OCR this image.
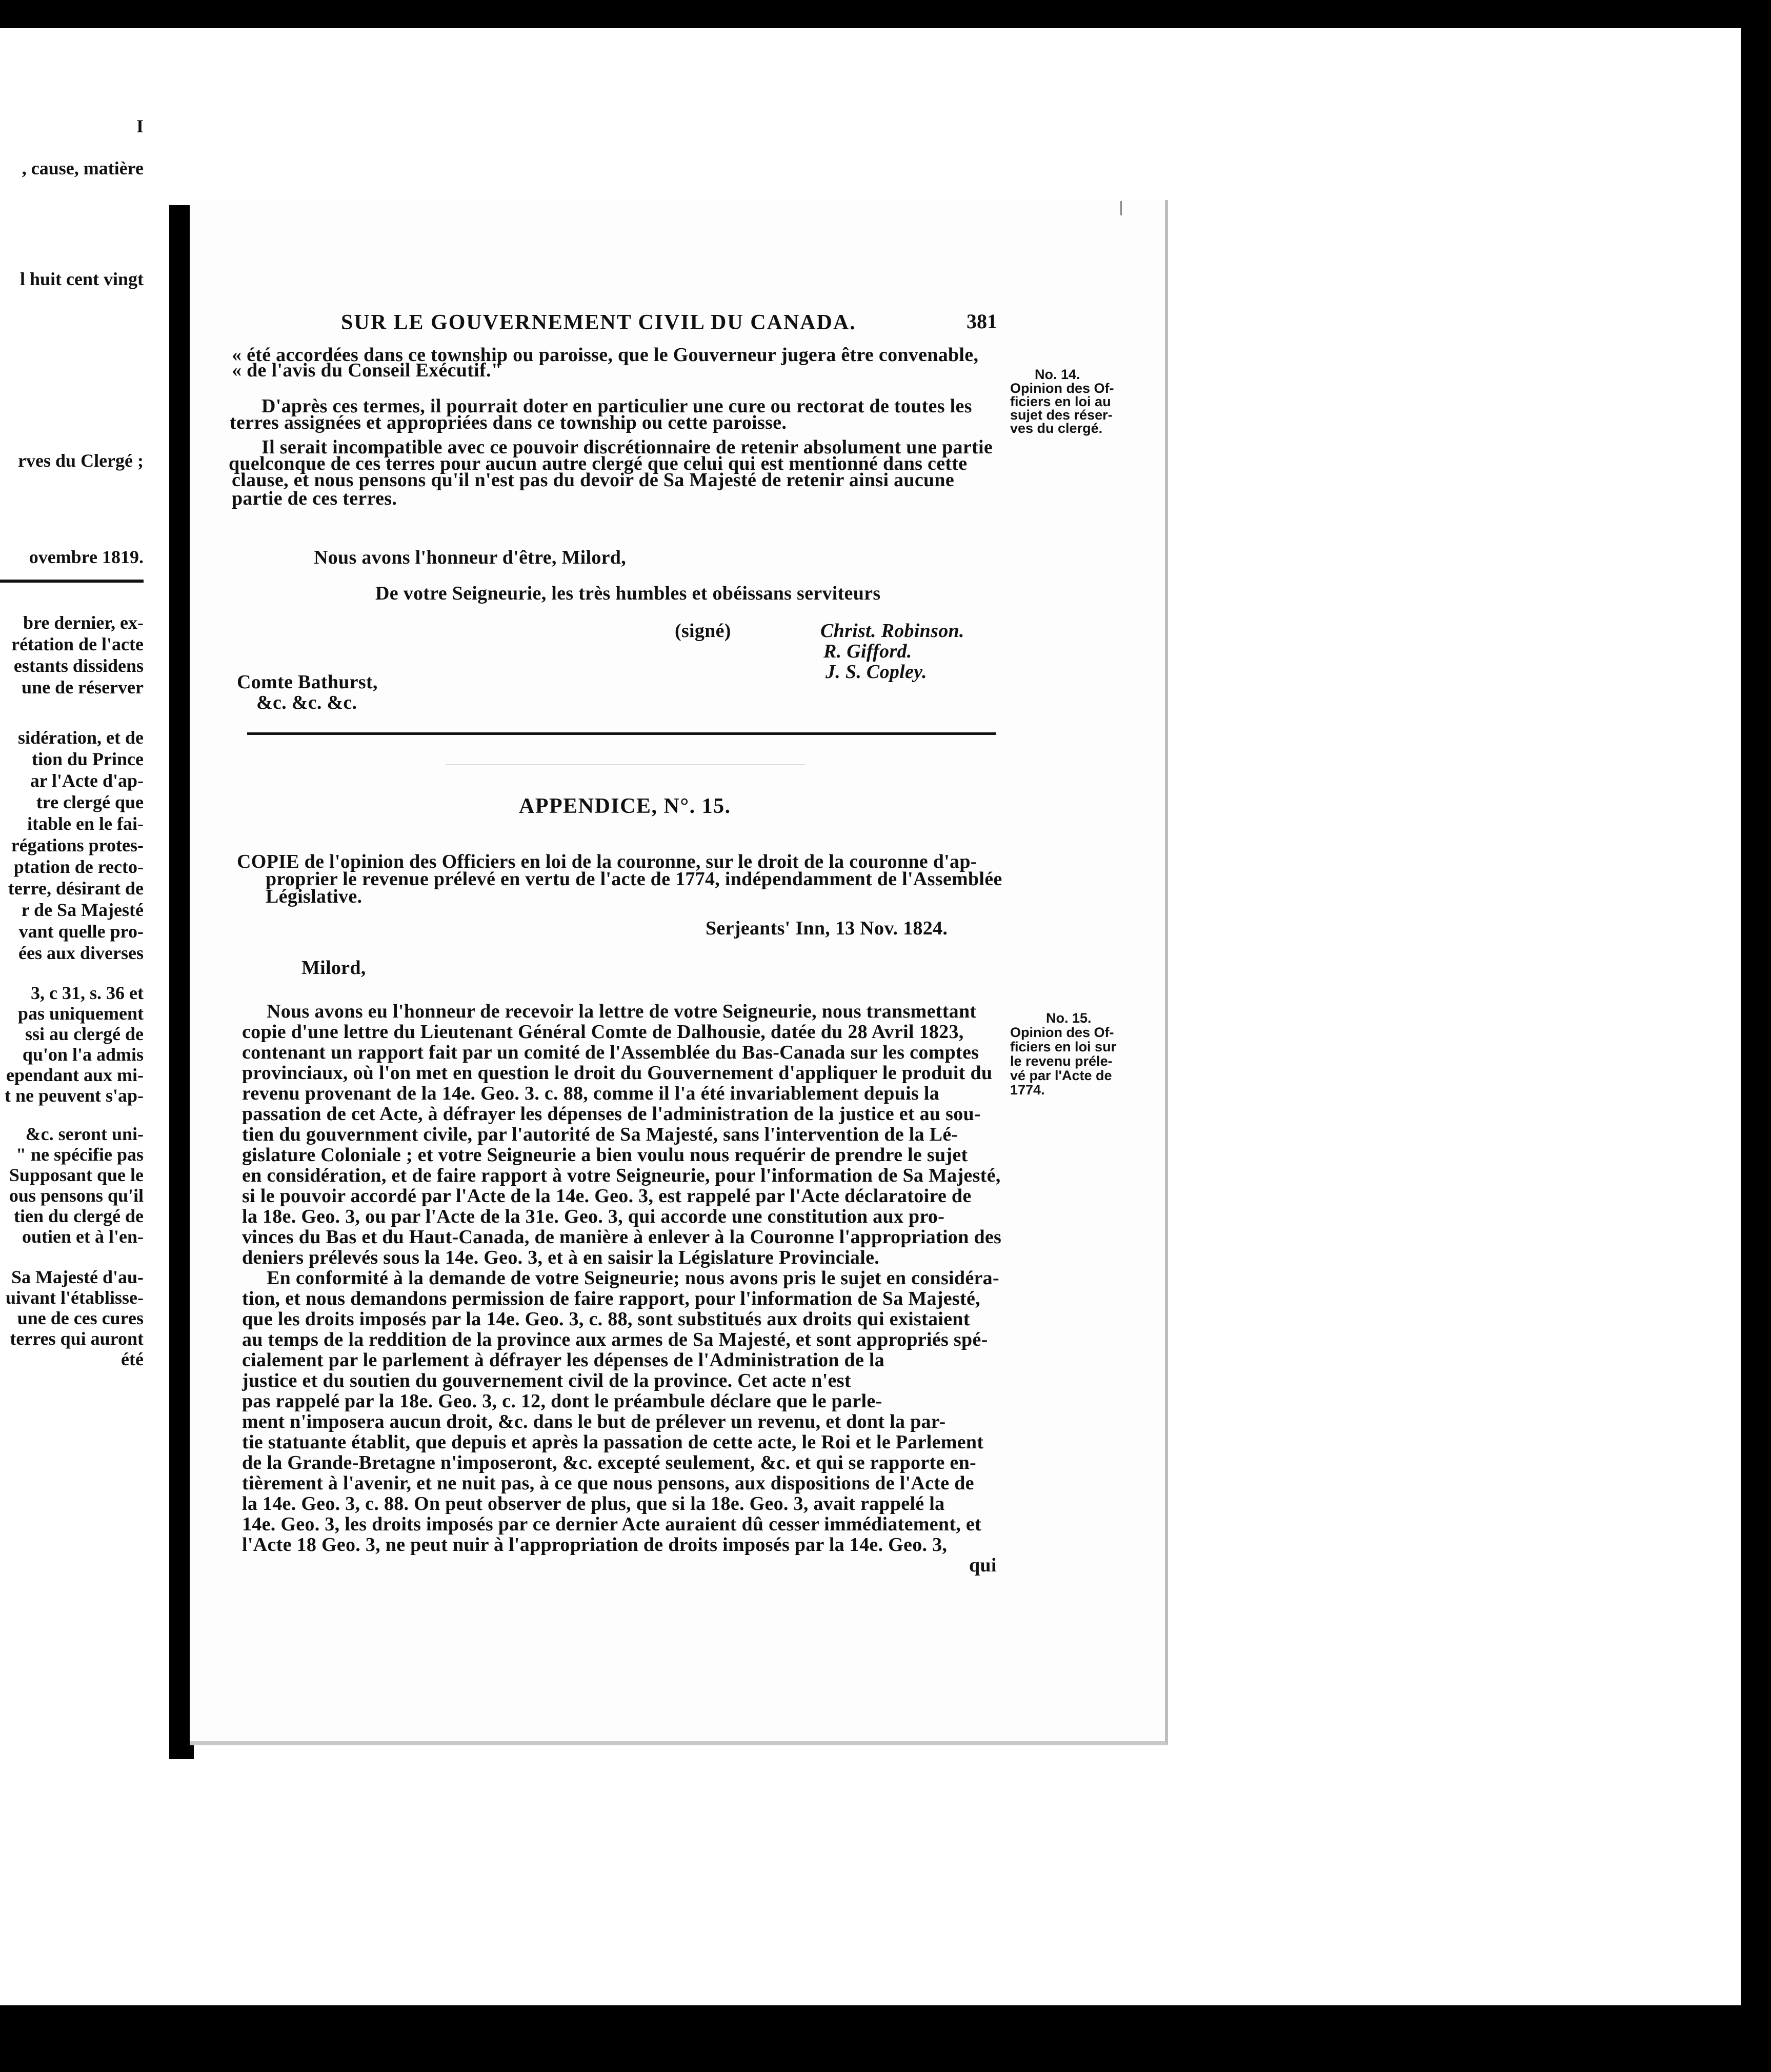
I
, cause, matière
l huit cent vingt
rves du Clergé ;
ovembre 1819.
bre dernier, ex-
rétation de l'acte
estants dissidens
une de réserver
sidération, et de
tion du Prince
ar l'Acte d'ap-
tre clergé que
itable en le fai-
régations protes-
ptation de recto-
terre, désirant de
r de Sa Majesté
vant quelle pro-
ées aux diverses
3, c 31, s. 36 et
pas uniquement
ssi au clergé de
qu'on l'a admis
ependant aux mi-
t ne peuvent s'ap-
&c. seront uni-
" ne spécifie pas
Supposant que le
ous pensons qu'il
tien du clergé de
outien et à l'en-
Sa Majesté d'au-
uivant l'établisse-
une de ces cures
terres qui auront
été
SUR LE GOUVERNEMENT CIVIL DU CANADA.	381
« été accordées dans ce township ou paroisse, que le Gouverneur jugera être convenable,
« de l'avis du Conseil Exécutif."
D'après ces termes, il pourrait doter en particulier une cure ou rectorat de toutes les
terres assignées et appropriées dans ce township ou cette paroisse.
Il serait incompatible avec ce pouvoir discrétionnaire de retenir absolument une partie
quelconque de ces terres pour aucun autre clergé que celui qui est mentionné dans cette
clause, et nous pensons qu'il n'est pas du devoir de Sa Majesté de retenir ainsi aucune
partie de ces terres.
No. 14.
Opinion des Of-
ficiers en loi au
sujet des réser-
ves du clergé.
Nous avons l'honneur d'être, Milord,
De votre Seigneurie, les très humbles et obéissans serviteurs
(signé)	Christ. Robinson.
R. Gifford.
J. S. Copley.
Comte Bathurst,
&c. &c. &c.
APPENDICE, N°. 15.
COPIE de l'opinion des Officiers en loi de la couronne, sur le droit de la couronne d'ap-
proprier le revenue prélevé en vertu de l'acte de 1774, indépendamment de l'Assemblée
Législative.
Serjeants' Inn, 13 Nov. 1824.
Milord,
Nous avons eu l'honneur de recevoir la lettre de votre Seigneurie, nous transmettant
copie d'une lettre du Lieutenant Général Comte de Dalhousie, datée du 28 Avril 1823,
contenant un rapport fait par un comité de l'Assemblée du Bas-Canada sur les comptes
provinciaux, où l'on met en question le droit du Gouvernement d'appliquer le produit du
revenu provenant de la 14e. Geo. 3. c. 88, comme il l'a été invariablement depuis la
passation de cet Acte, à défrayer les dépenses de l'administration de la justice et au sou-
tien du gouvernment civile, par l'autorité de Sa Majesté, sans l'intervention de la Lé-
gislature Coloniale ; et votre Seigneurie a bien voulu nous requérir de prendre le sujet
en considération, et de faire rapport à votre Seigneurie, pour l'information de Sa Majesté,
si le pouvoir accordé par l'Acte de la 14e. Geo. 3, est rappelé par l'Acte déclaratoire de
la 18e. Geo. 3, ou par l'Acte de la 31e. Geo. 3, qui accorde une constitution aux pro-
vinces du Bas et du Haut-Canada, de manière à enlever à la Couronne l'appropriation des
deniers prélevés sous la 14e. Geo. 3, et à en saisir la Législature Provinciale.
En conformité à la demande de votre Seigneurie; nous avons pris le sujet en considéra-
tion, et nous demandons permission de faire rapport, pour l'information de Sa Majesté,
que les droits imposés par la 14e. Geo. 3, c. 88, sont substitués aux droits qui existaient
au temps de la reddition de la province aux armes de Sa Majesté, et sont appropriés spé-
cialement par le parlement à défrayer les dépenses de l'Administration de la
justice et du soutien du gouvernement civil de la province. Cet acte n'est
pas rappelé par la 18e. Geo. 3, c. 12, dont le préambule déclare que le parle-
ment n'imposera aucun droit, &c. dans le but de prélever un revenu, et dont la par-
tie statuante établit, que depuis et après la passation de cette acte, le Roi et le Parlement
de la Grande-Bretagne n'imposeront, &c. excepté seulement, &c. et qui se rapporte en-
tièrement à l'avenir, et ne nuit pas, à ce que nous pensons, aux dispositions de l'Acte de
la 14e. Geo. 3, c. 88. On peut observer de plus, que si la 18e. Geo. 3, avait rappelé la
14e. Geo. 3, les droits imposés par ce dernier Acte auraient dû cesser immédiatement, et
l'Acte 18 Geo. 3, ne peut nuir à l'appropriation de droits imposés par la 14e. Geo. 3,
qui
No. 15.
Opinion des Of-
ficiers en loi sur
le revenu préle-
vé par l'Acte de
1774.
